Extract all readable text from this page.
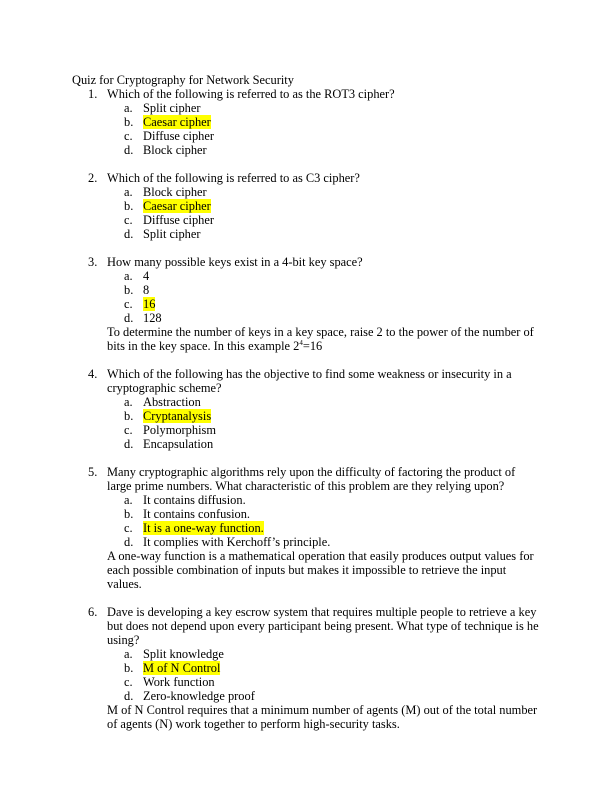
Quiz for Cryptography for Network Security

1. Which of the following is referred to as the ROT3 cipher?
a. Split cipher
b. Caesar cipher
c. Diffuse cipher
d. Block cipher
2. Which of the following is referred to as C3 cipher?
a. Block cipher
b. Caesar cipher
c. Diffuse cipher
d. Split cipher
3. How many possible keys exist in a 4-bit key space?
a. 4
b. 8
c. 16
d. 128

To determine the number of keys in a key space, raise 2 to the power of the number of bits in the key space. In this example $2^4=16$

4. Which of the following has the objective to find some weakness or insecurity in a cryptographic scheme?
a. Abstraction
b. Cryptanalysis
c. Polymorphism
d. Encapsulation
5. Many cryptographic algorithms rely upon the difficulty of factoring the product of large prime numbers. What characteristic of this problem are they relying upon?
a. It contains diffusion.
b. It contains confusion.
c. It is a one-way function.
d. It complies with Kerchoff’s principle.

A one-way function is a mathematical operation that easily produces output values for each possible combination of inputs but makes it impossible to retrieve the input values.

6. Dave is developing a key escrow system that requires multiple people to retrieve a key but does not depend upon every participant being present. What type of technique is he using?
a. Split knowledge
b. M of N Control
c. Work function
d. Zero-knowledge proof

M of N Control requires that a minimum number of agents (M) out of the total number of agents (N) work together to perform high-security tasks.
